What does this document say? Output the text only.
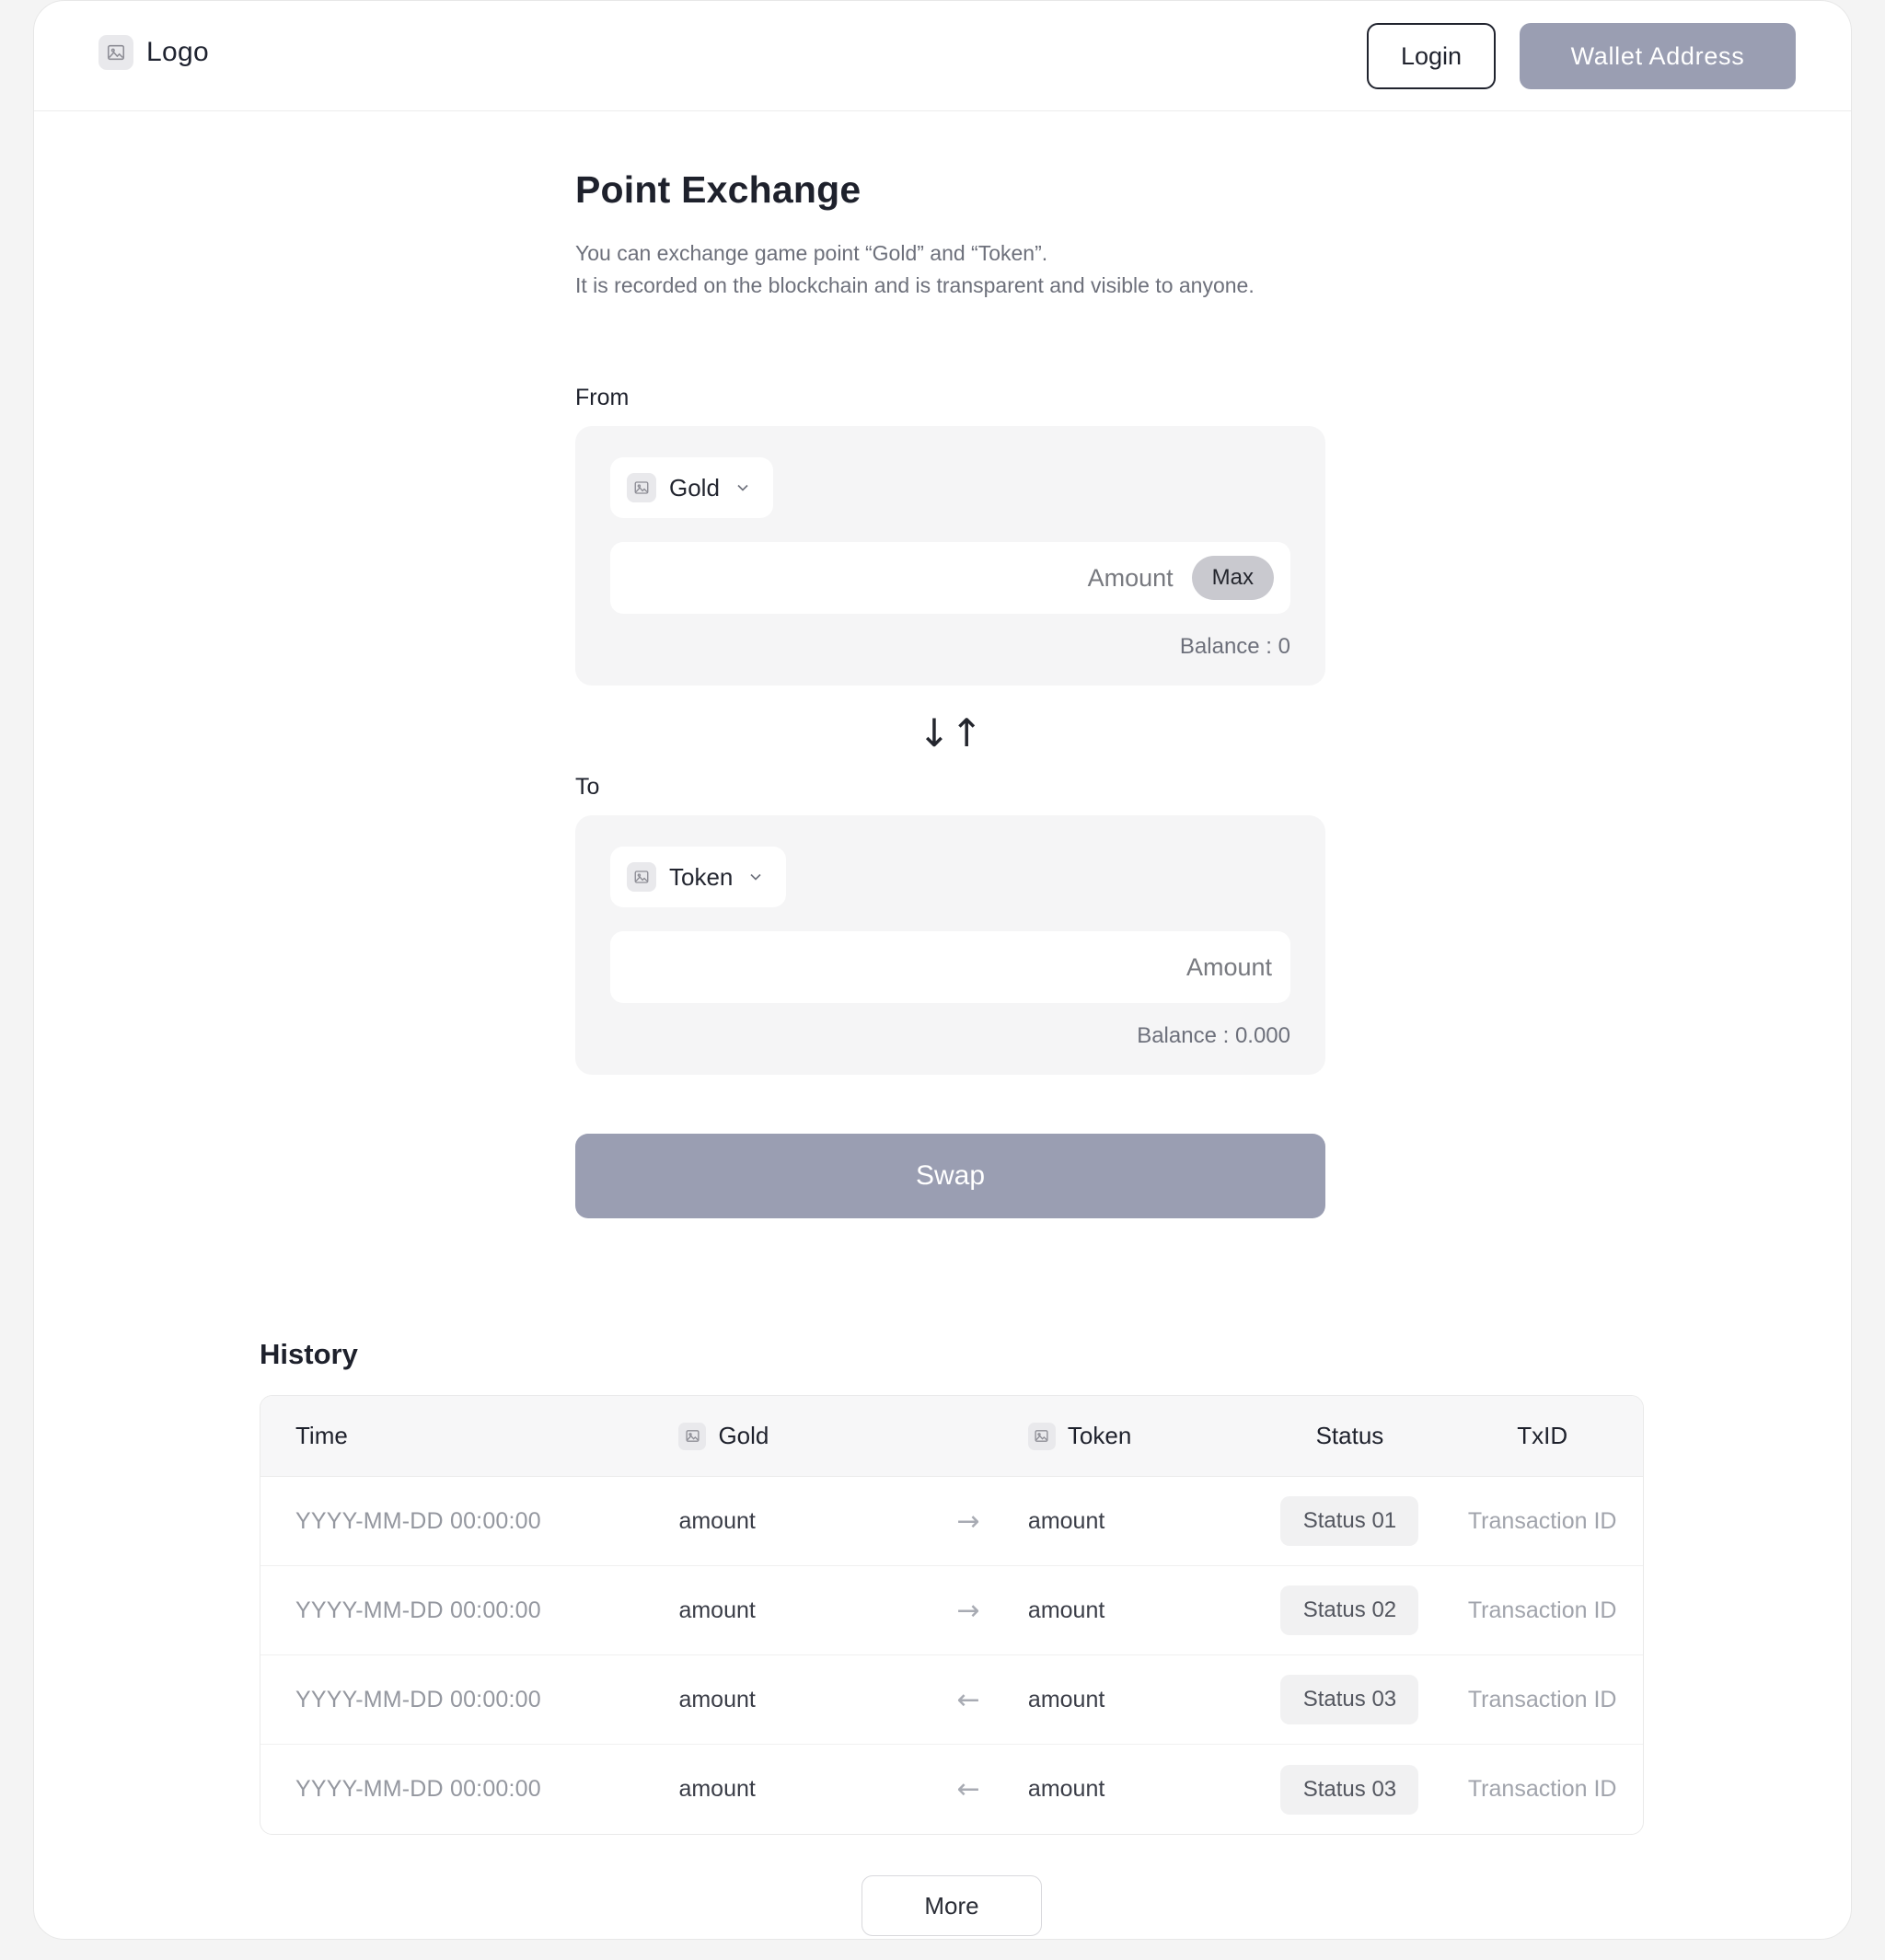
Logo	Login	Wallet Address
Point Exchange
You can exchange game point “Gold” and “Token”.
It is recorded on the blockchain and is transparent and visible to anyone.
From
Gold
Amount
Max
Balance : 0
↓↑
To
Token
Amount
Balance : 0.000
Swap
History
Time	Gold	Token	Status	TxID
YYYY-MM-DD 00:00:00	amount	→	amount	Status 01	Transaction ID
YYYY-MM-DD 00:00:00	amount	→	amount	Status 02	Transaction ID
YYYY-MM-DD 00:00:00	amount	←	amount	Status 03	Transaction ID
YYYY-MM-DD 00:00:00	amount	←	amount	Status 03	Transaction ID
More
